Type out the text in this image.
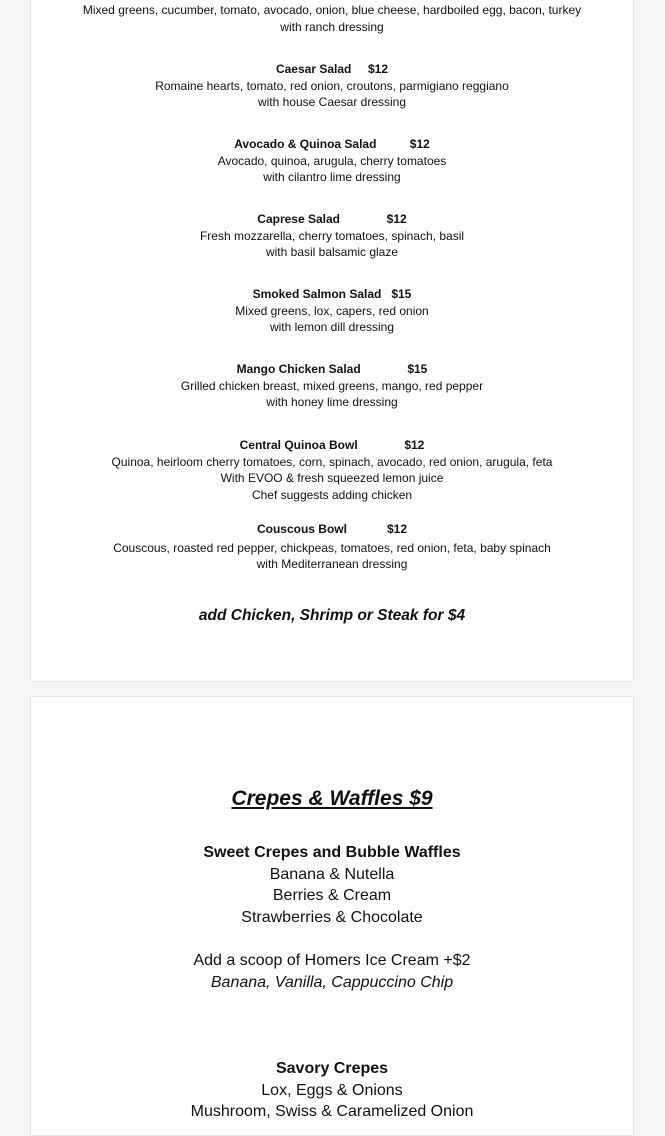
Mixed greens, cucumber, tomato, avocado, onion, blue cheese, hardboiled egg, bacon, turkey
with ranch dressing
Caesar Salad     $12
Romaine hearts, tomato, red onion, croutons, parmigiano reggiano
with house Caesar dressing
Avocado & Quinoa Salad          $12
Avocado, quinoa, arugula, cherry tomatoes
with cilantro lime dressing
Caprese Salad              $12
Fresh mozzarella, cherry tomatoes, spinach, basil
with basil balsamic glaze
Smoked Salmon Salad   $15
Mixed greens, lox, capers, red onion
with lemon dill dressing
Mango Chicken Salad              $15
Grilled chicken breast, mixed greens, mango, red pepper
with honey lime dressing
Central Quinoa Bowl              $12
Quinoa, heirloom cherry tomatoes, corn, spinach, avocado, red onion, arugula, feta
With EVOO & fresh squeezed lemon juice
Chef suggests adding chicken
Couscous Bowl            $12
Couscous, roasted red pepper, chickpeas, tomatoes, red onion, feta, baby spinach
with Mediterranean dressing
add Chicken, Shrimp or Steak for $4
Crepes & Waffles $9
Sweet Crepes and Bubble Waffles
Banana & Nutella
Berries & Cream
Strawberries & Chocolate
Add a scoop of Homers Ice Cream +$2
Banana, Vanilla, Cappuccino Chip
Savory Crepes
Lox, Eggs & Onions
Mushroom, Swiss & Caramelized Onion
